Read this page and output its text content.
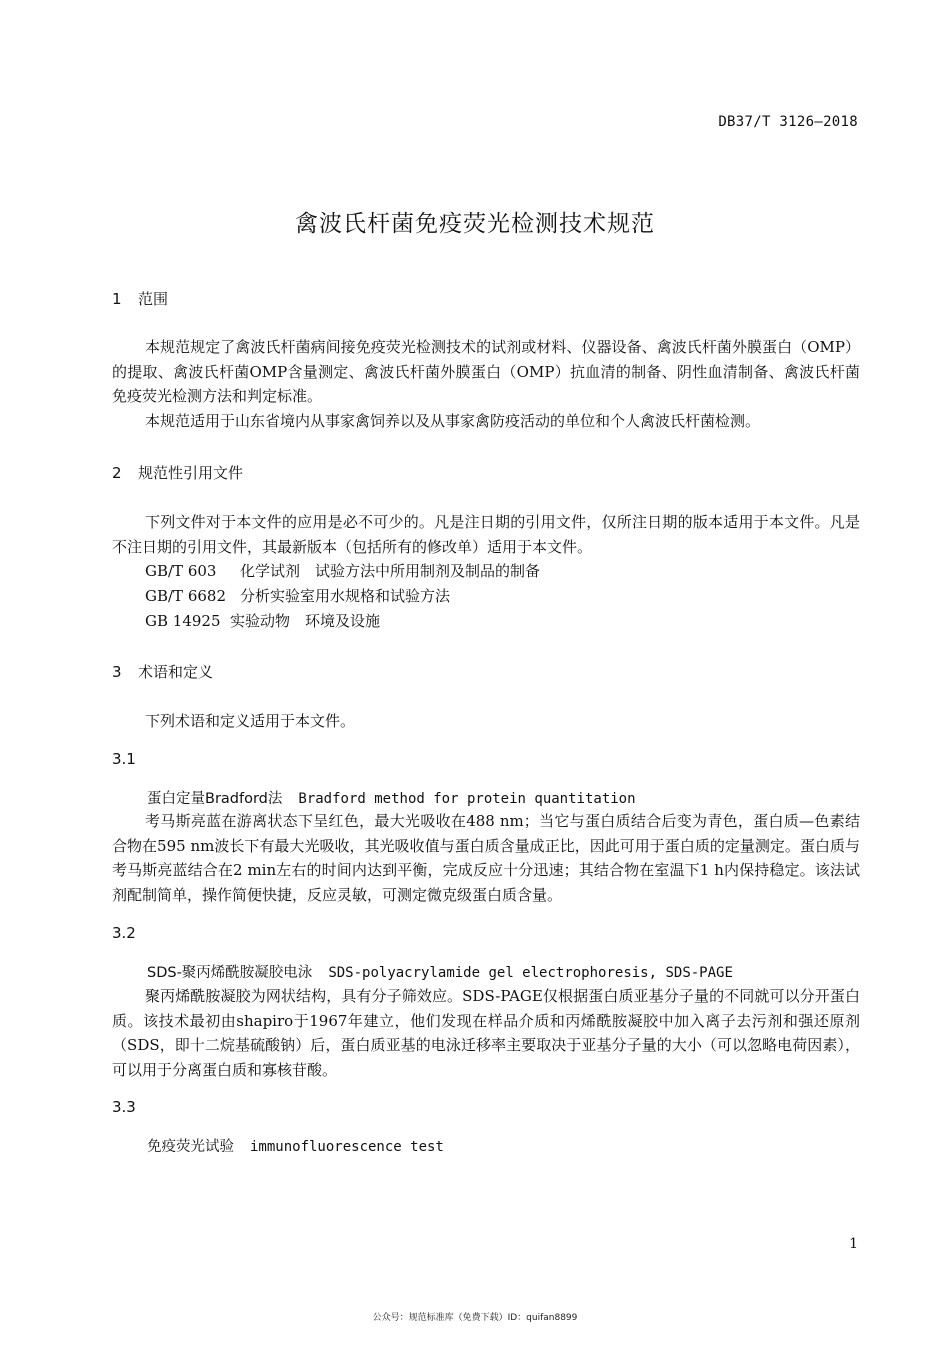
DB37/T 3126—2018
禽波氏杆菌免疫荧光检测技术规范
1 范围

本规范规定了禽波氏杆菌病间接免疫荧光检测技术的试剂或材料、仪器设备、禽波氏杆菌外膜蛋白（OMP）的提取、禽波氏杆菌OMP含量测定、禽波氏杆菌外膜蛋白（OMP）抗血清的制备、阴性血清制备、禽波氏杆菌免疫荧光检测方法和判定标准。

本规范适用于山东省境内从事家禽饲养以及从事家禽防疫活动的单位和个人禽波氏杆菌检测。

2 规范性引用文件

下列文件对于本文件的应用是必不可少的。凡是注日期的引用文件，仅所注日期的版本适用于本文件。凡是不注日期的引用文件，其最新版本（包括所有的修改单）适用于本文件。

GB/T 603 化学试剂　试验方法中所用制剂及制品的制备
GB/T 6682 分析实验室用水规格和试验方法
GB 14925 实验动物　环境及设施
3 术语和定义

下列术语和定义适用于本文件。

3.1
蛋白定量Bradford法 Bradford method for protein quantitation

考马斯亮蓝在游离状态下呈红色，最大光吸收在488 nm；当它与蛋白质结合后变为青色，蛋白质—色素结合物在595 nm波长下有最大光吸收，其光吸收值与蛋白质含量成正比，因此可用于蛋白质的定量测定。蛋白质与考马斯亮蓝结合在2 min左右的时间内达到平衡，完成反应十分迅速；其结合物在室温下1 h内保持稳定。该法试剂配制简单，操作简便快捷，反应灵敏，可测定微克级蛋白质含量。

3.2
SDS-聚丙烯酰胺凝胶电泳 SDS-polyacrylamide gel electrophoresis, SDS-PAGE

聚丙烯酰胺凝胶为网状结构，具有分子筛效应。SDS-PAGE仅根据蛋白质亚基分子量的不同就可以分开蛋白质。该技术最初由shapiro于1967年建立，他们发现在样品介质和丙烯酰胺凝胶中加入离子去污剂和强还原剂（SDS，即十二烷基硫酸钠）后，蛋白质亚基的电泳迁移率主要取决于亚基分子量的大小（可以忽略电荷因素），可以用于分离蛋白质和寡核苷酸。

3.3
免疫荧光试验 immunofluorescence test
1
公众号：规范标准库（免费下载）ID：quifan8899
